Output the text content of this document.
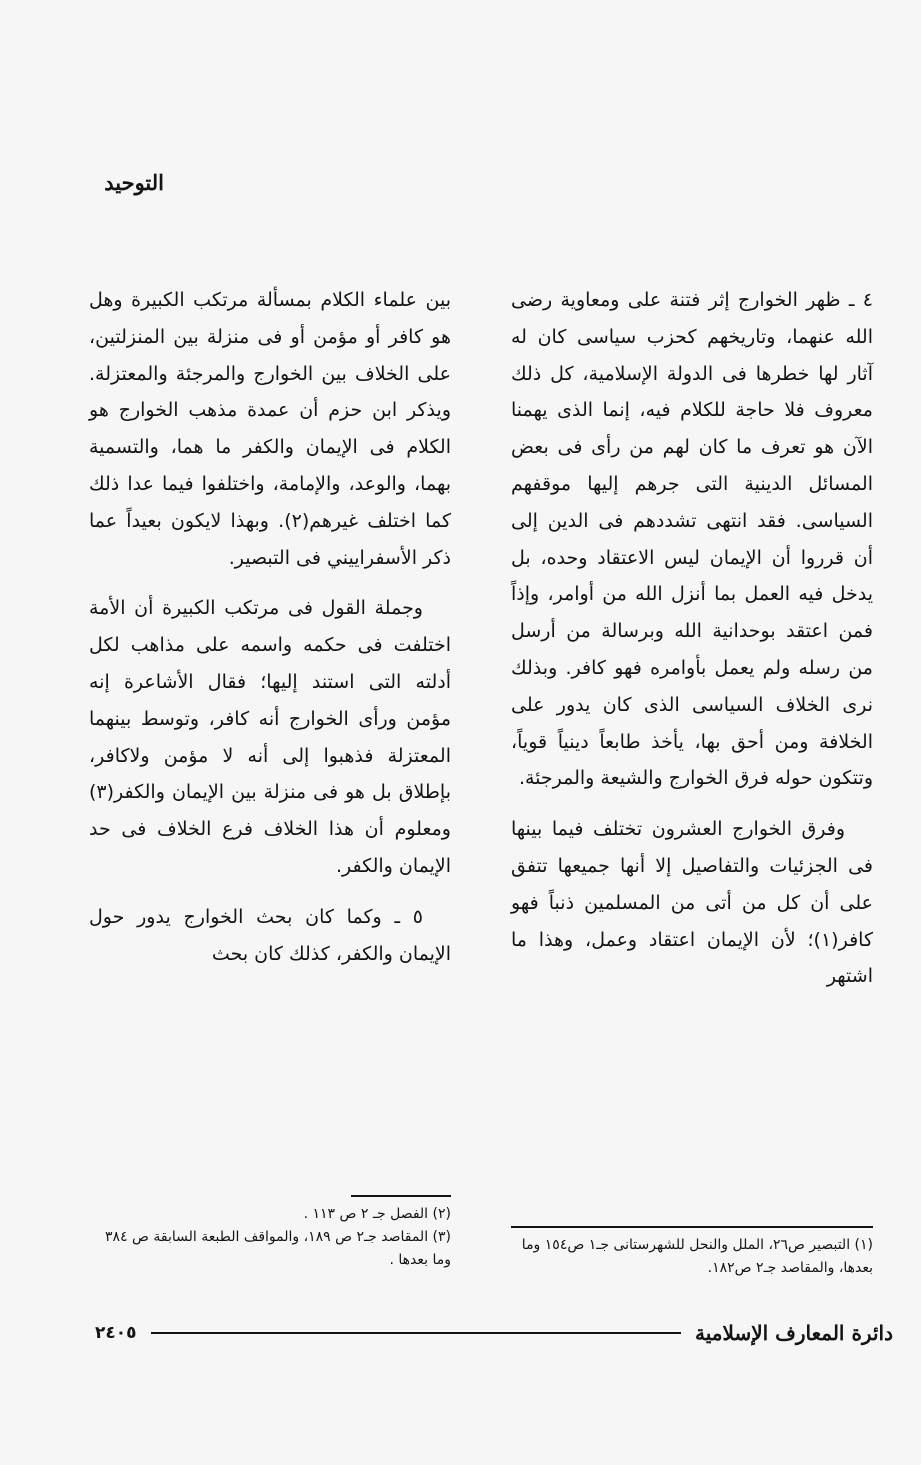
التوحيد

٤ ـ ظهر الخوارج إثر فتنة على ومعاوية رضى الله عنهما، وتاريخهم كحزب سياسى كان له آثار لها خطرها فى الدولة الإسلامية، كل ذلك معروف فلا حاجة للكلام فيه، إنما الذى يهمنا الآن هو تعرف ما كان لهم من رأى فى بعض المسائل الدينية التى جرهم إليها موقفهم السياسى. فقد انتهى تشددهم فى الدين إلى أن قرروا أن الإيمان ليس الاعتقاد وحده، بل يدخل فيه العمل بما أنزل الله من أوامر، وإذاً فمن اعتقد بوحدانية الله وبرسالة من أرسل من رسله ولم يعمل بأوامره فهو كافر. وبذلك نرى الخلاف السياسى الذى كان يدور على الخلافة ومن أحق بها، يأخذ طابعاً دينياً قوياً، وتتكون حوله فرق الخوارج والشيعة والمرجئة.

وفرق الخوارج العشرون تختلف فيما بينها فى الجزئيات والتفاصيل إلا أنها جميعها تتفق على أن كل من أتى من المسلمين ذنباً فهو كافر(١)؛ لأن الإيمان اعتقاد وعمل، وهذا ما اشتهر

بين علماء الكلام بمسألة مرتكب الكبيرة وهل هو كافر أو مؤمن أو فى منزلة بين المنزلتين، على الخلاف بين الخوارج والمرجئة والمعتزلة. ويذكر ابن حزم أن عمدة مذهب الخوارج هو الكلام فى الإيمان والكفر ما هما، والتسمية بهما، والوعد، والإمامة، واختلفوا فيما عدا ذلك كما اختلف غيرهم(٢). وبهذا لايكون بعيداً عما ذكر الأسفراييني فى التبصير.

وجملة القول فى مرتكب الكبيرة أن الأمة اختلفت فى حكمه واسمه على مذاهب لكل أدلته التى استند إليها؛ فقال الأشاعرة إنه مؤمن ورأى الخوارج أنه كافر، وتوسط بينهما المعتزلة فذهبوا إلى أنه لا مؤمن ولاكافر، بإطلاق بل هو فى منزلة بين الإيمان والكفر(٣) ومعلوم أن هذا الخلاف فرع الخلاف فى حد الإيمان والكفر.

٥ ـ وكما كان بحث الخوارج يدور حول الإيمان والكفر، كذلك كان بحث

(١) التبصير ص٢٦، الملل والنحل للشهرستانى جـ١ ص١٥٤ وما بعدها، والمقاصد جـ٢ ص١٨٢.

(٢) الفصل جـ ٢ ص ١١٣ .

(٣) المقاصد جـ٢ ص ١٨٩، والمواقف الطبعة السابقة ص ٣٨٤ وما بعدها .

دائرة المعارف الإسلامية
٢٤٠٥
